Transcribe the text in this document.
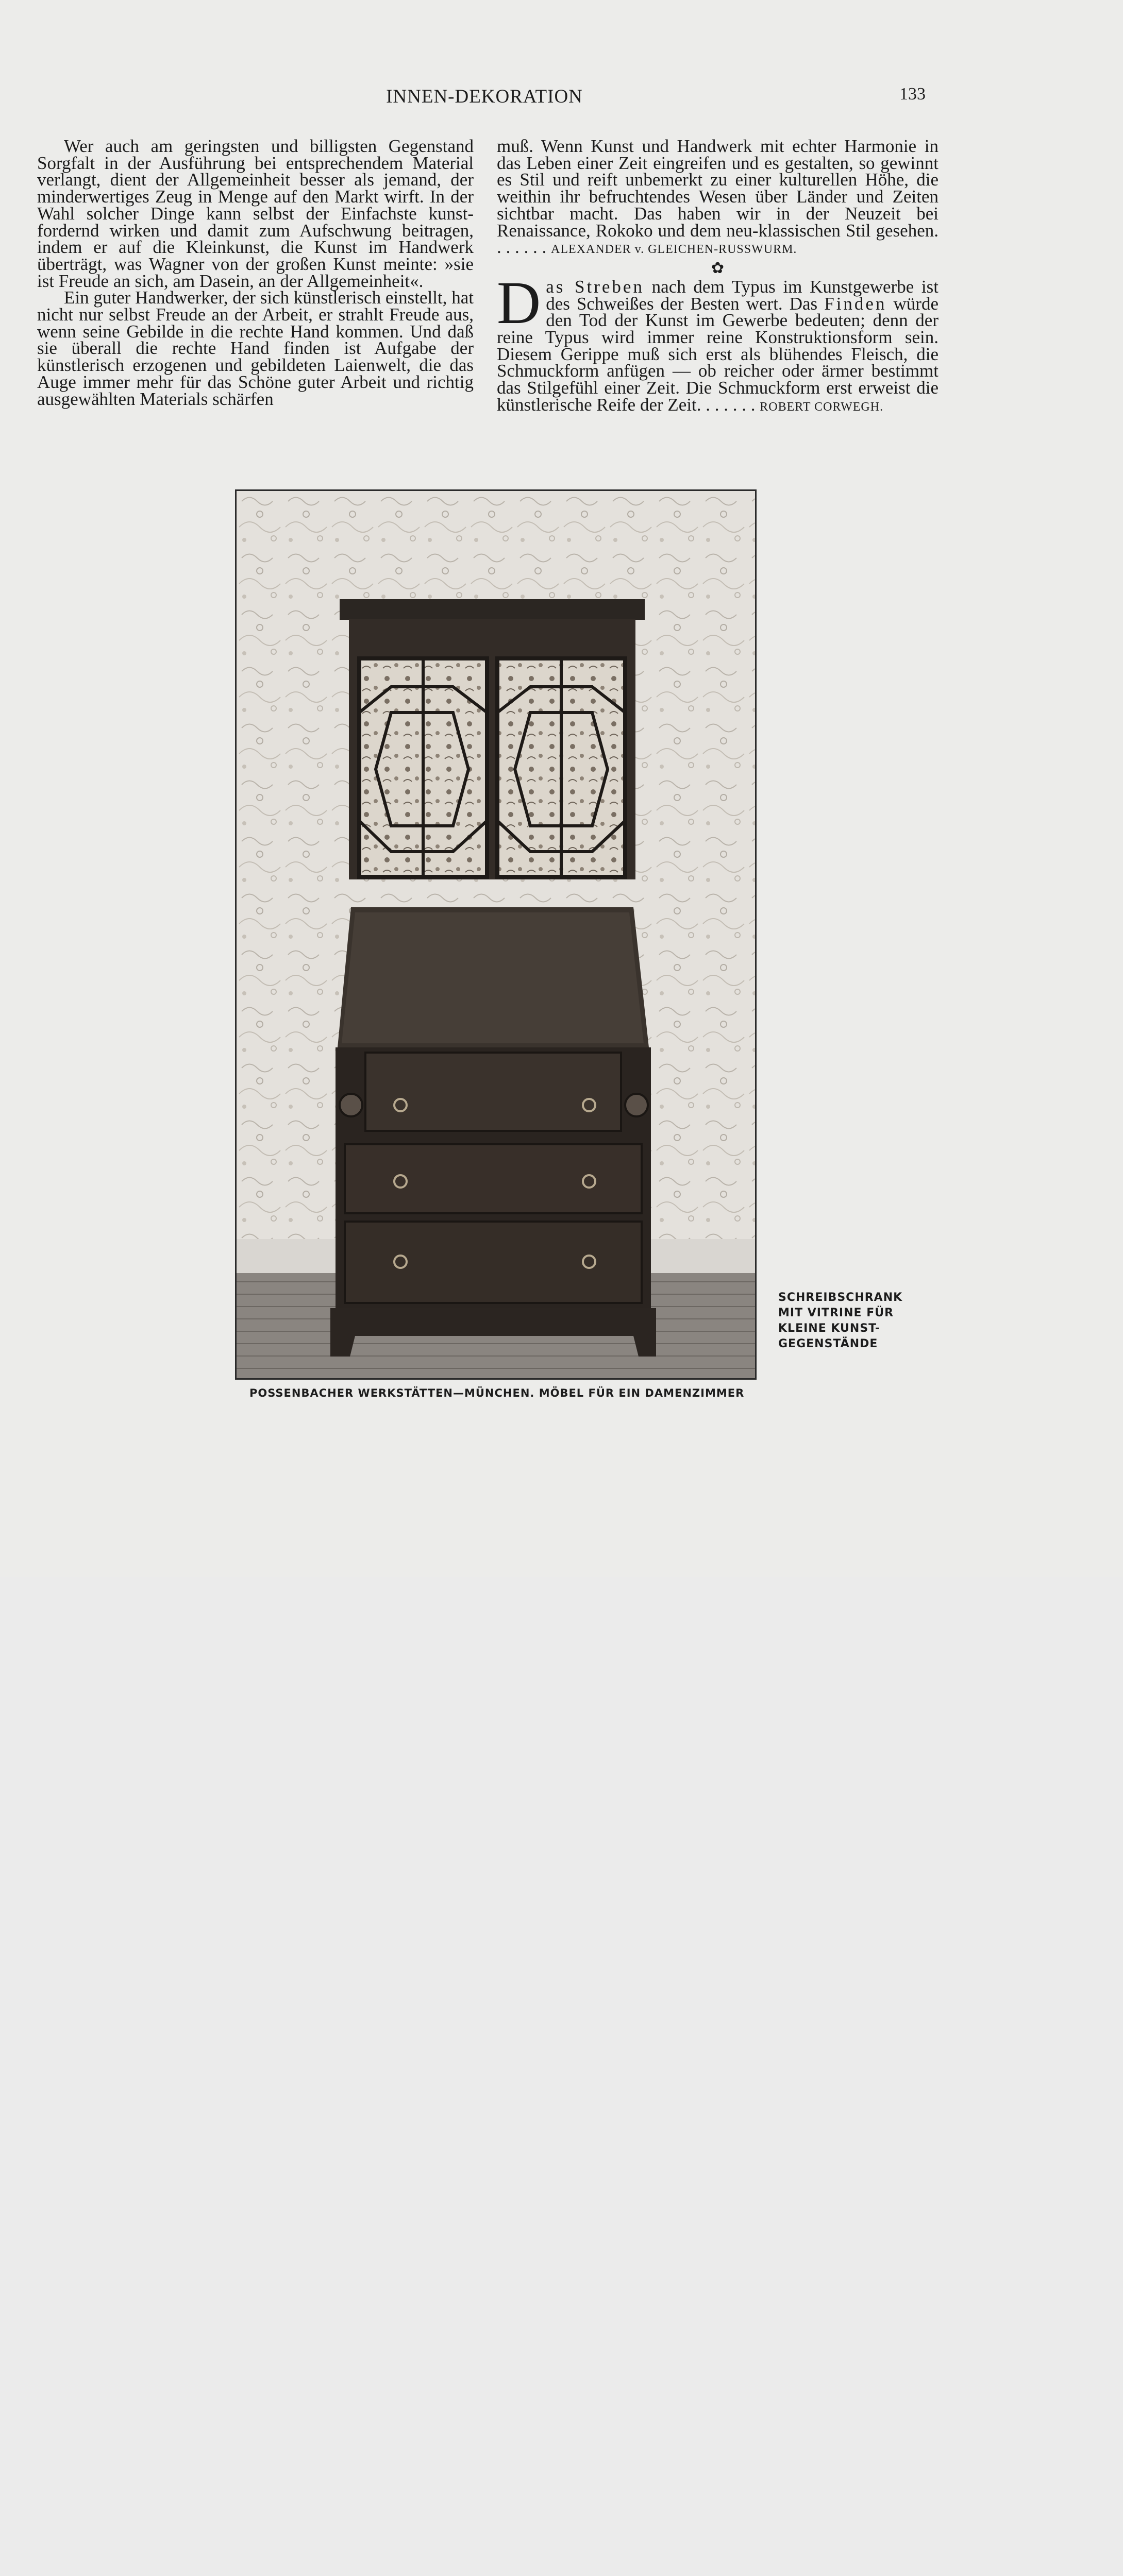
INNEN-DEKORATION	133

Wer auch am geringsten und billigsten Gegenstand Sorgfalt in der Ausführung bei entsprechendem Material verlangt, dient der Allgemeinheit besser als jemand, der minderwertiges Zeug in Menge auf den Markt wirft. In der Wahl solcher Dinge kann selbst der Einfachste kunstfordernd wirken und damit zum Aufschwung beitragen, indem er auf die Kleinkunst, die Kunst im Handwerk überträgt, was Wagner von der großen Kunst meinte: »sie ist Freude an sich, am Dasein, an der Allgemeinheit«.

Ein guter Handwerker, der sich künstlerisch einstellt, hat nicht nur selbst Freude an der Arbeit, er strahlt Freude aus, wenn seine Gebilde in die rechte Hand kommen. Und daß sie überall die rechte Hand finden ist Aufgabe der künstlerisch erzogenen und gebildeten Laienwelt, die das Auge immer mehr für das Schöne guter Arbeit und richtig ausgewählten Materials schärfen

muß. Wenn Kunst und Handwerk mit echter Harmonie in das Leben einer Zeit eingreifen und es gestalten, so gewinnt es Stil und reift unbemerkt zu einer kulturellen Höhe, die weithin ihr befruchtendes Wesen über Länder und Zeiten sichtbar macht. Das haben wir in der Neuzeit bei Renaissance, Rokoko und dem neu-klassischen Stil gesehen. . . . . . . ALEXANDER v. GLEICHEN-RUSSWURM.

✿

Das Streben nach dem Typus im Kunstgewerbe ist des Schweißes der Besten wert. Das Finden würde den Tod der Kunst im Gewerbe bedeuten; denn der reine Typus wird immer reine Konstruktionsform sein. Diesem Gerippe muß sich erst als blühendes Fleisch, die Schmuckform anfügen — ob reicher oder ärmer bestimmt das Stilgefühl einer Zeit. Die Schmuckform erst erweist die künstlerische Reife der Zeit. . . . . . . ROBERT CORWEGH.

SCHREIBSCHRANK
MIT VITRINE FÜR
KLEINE KUNST-
GEGENSTÄNDE
POSSENBACHER WERKSTÄTTEN—MÜNCHEN. MÖBEL FÜR EIN DAMENZIMMER
